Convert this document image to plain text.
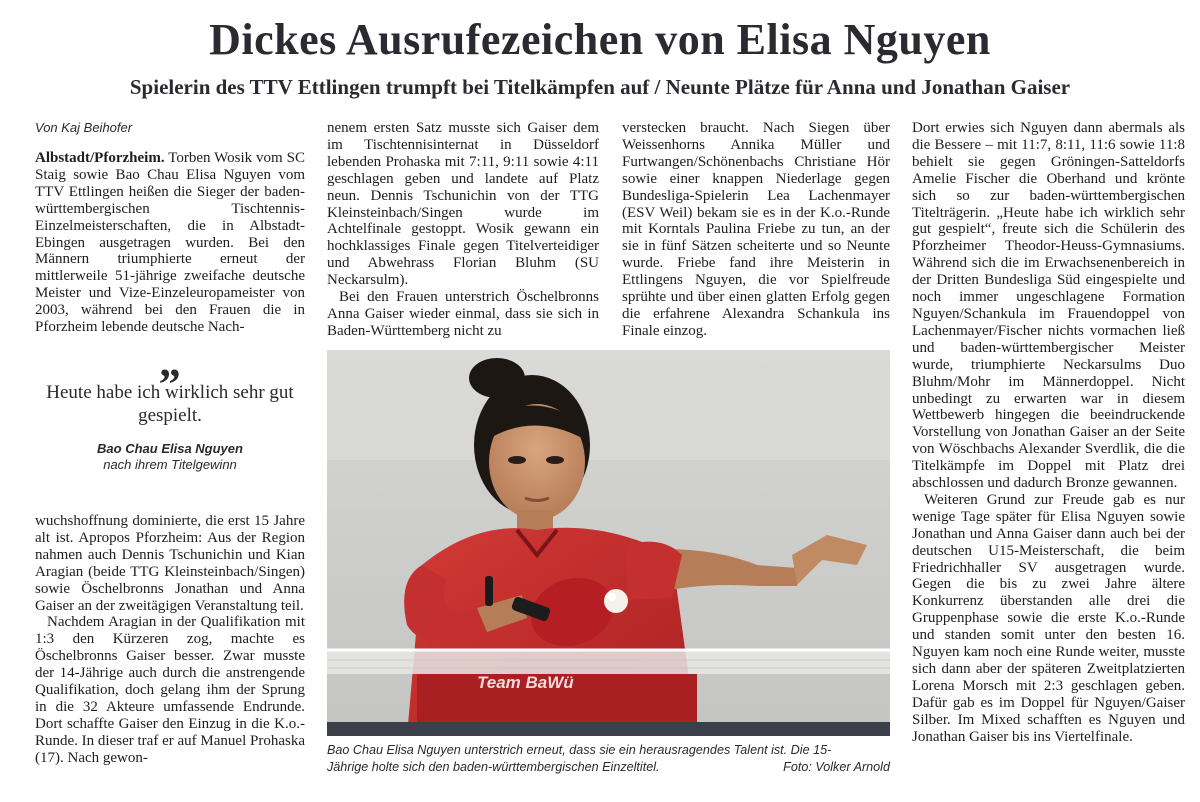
Dickes Ausrufezeichen von Elisa Nguyen
Spielerin des TTV Ettlingen trumpft bei Titelkämpfen auf / Neunte Plätze für Anna und Jonathan Gaiser
Von Kaj Beihofer

Albstadt/Pforzheim. Torben Wosik vom SC Staig sowie Bao Chau Elisa Nguyen vom TTV Ettlingen heißen die Sieger der baden-württembergischen Tischtennis-Einzelmeisterschaften, die in Albstadt-Ebingen ausgetragen wurden. Bei den Männern triumphierte erneut der mittlerweile 51-jährige zweifache deutsche Meister und Vize-Einzeleuropameister von 2003, während bei den Frauen die in Pforzheim lebende deutsche Nach-

„
Heute habe ich wirklich sehr gut gespielt.
Bao Chau Elisa Nguyen
nach ihrem Titelgewinn

wuchshoffnung dominierte, die erst 15 Jahre alt ist. Apropos Pforzheim: Aus der Region nahmen auch Dennis Tschunichin und Kian Aragian (beide TTG Kleinsteinbach/Singen) sowie Öschelbronns Jonathan und Anna Gaiser an der zweitägigen Veranstaltung teil.

Nachdem Aragian in der Qualifikation mit 1:3 den Kürzeren zog, machte es Öschelbronns Gaiser besser. Zwar musste der 14-Jährige auch durch die anstrengende Qualifikation, doch gelang ihm der Sprung in die 32 Akteure umfassende Endrunde. Dort schaffte Gaiser den Einzug in die K.o.-Runde. In dieser traf er auf Manuel Prohaska (17). Nach gewon-

nenem ersten Satz musste sich Gaiser dem im Tischtennisinternat in Düsseldorf lebenden Prohaska mit 7:11, 9:11 sowie 4:11 geschlagen geben und landete auf Platz neun. Dennis Tschunichin von der TTG Kleinsteinbach/Singen wurde im Achtelfinale gestoppt. Wosik gewann ein hochklassiges Finale gegen Titelverteidiger und Abwehrass Florian Bluhm (SU Neckarsulm).

Bei den Frauen unterstrich Öschelbronns Anna Gaiser wieder einmal, dass sie sich in Baden-Württemberg nicht zu

verstecken braucht. Nach Siegen über Weissenhorns Annika Müller und Furtwangen/Schönenbachs Christiane Hör sowie einer knappen Niederlage gegen Bundesliga-Spielerin Lea Lachenmayer (ESV Weil) bekam sie es in der K.o.-Runde mit Korntals Paulina Friebe zu tun, an der sie in fünf Sätzen scheiterte und so Neunte wurde. Friebe fand ihre Meisterin in Ettlingens Nguyen, die vor Spielfreude sprühte und über einen glatten Erfolg gegen die erfahrene Alexandra Schankula ins Finale einzog.

Dort erwies sich Nguyen dann abermals als die Bessere – mit 11:7, 8:11, 11:6 sowie 11:8 behielt sie gegen Gröningen-Satteldorfs Amelie Fischer die Oberhand und krönte sich so zur baden-württembergischen Titelträgerin. „Heute habe ich wirklich sehr gut gespielt“, freute sich die Schülerin des Pforzheimer Theodor-Heuss-Gymnasiums. Während sich die im Erwachsenenbereich in der Dritten Bundesliga Süd eingespielte und noch immer ungeschlagene Formation Nguyen/Schankula im Frauendoppel von Lachenmayer/Fischer nichts vormachen ließ und baden-württembergischer Meister wurde, triumphierte Neckarsulms Duo Bluhm/Mohr im Männerdoppel. Nicht unbedingt zu erwarten war in diesem Wettbewerb hingegen die beeindruckende Vorstellung von Jonathan Gaiser an der Seite von Wöschbachs Alexander Sverdlik, die die Titelkämpfe im Doppel mit Platz drei abschlossen und dadurch Bronze gewannen.

Weiteren Grund zur Freude gab es nur wenige Tage später für Elisa Nguyen sowie Jonathan und Anna Gaiser dann auch bei der deutschen U15-Meisterschaft, die beim Friedrichhaller SV ausgetragen wurde. Gegen die bis zu zwei Jahre ältere Konkurrenz überstanden alle drei die Gruppenphase sowie die erste K.o.-Runde und standen somit unter den besten 16. Nguyen kam noch eine Runde weiter, musste sich dann aber der späteren Zweitplatzierten Lorena Morsch mit 2:3 geschlagen geben. Dafür gab es im Doppel für Nguyen/Gaiser Silber. Im Mixed schafften es Nguyen und Jonathan Gaiser bis ins Viertelfinale.

Team BaWü
Bao Chau Elisa Nguyen unterstrich erneut, dass sie ein herausragendes Talent ist. Die 15-
Jährige holte sich den baden-württembergischen Einzeltitel.	Foto: Volker Arnold
